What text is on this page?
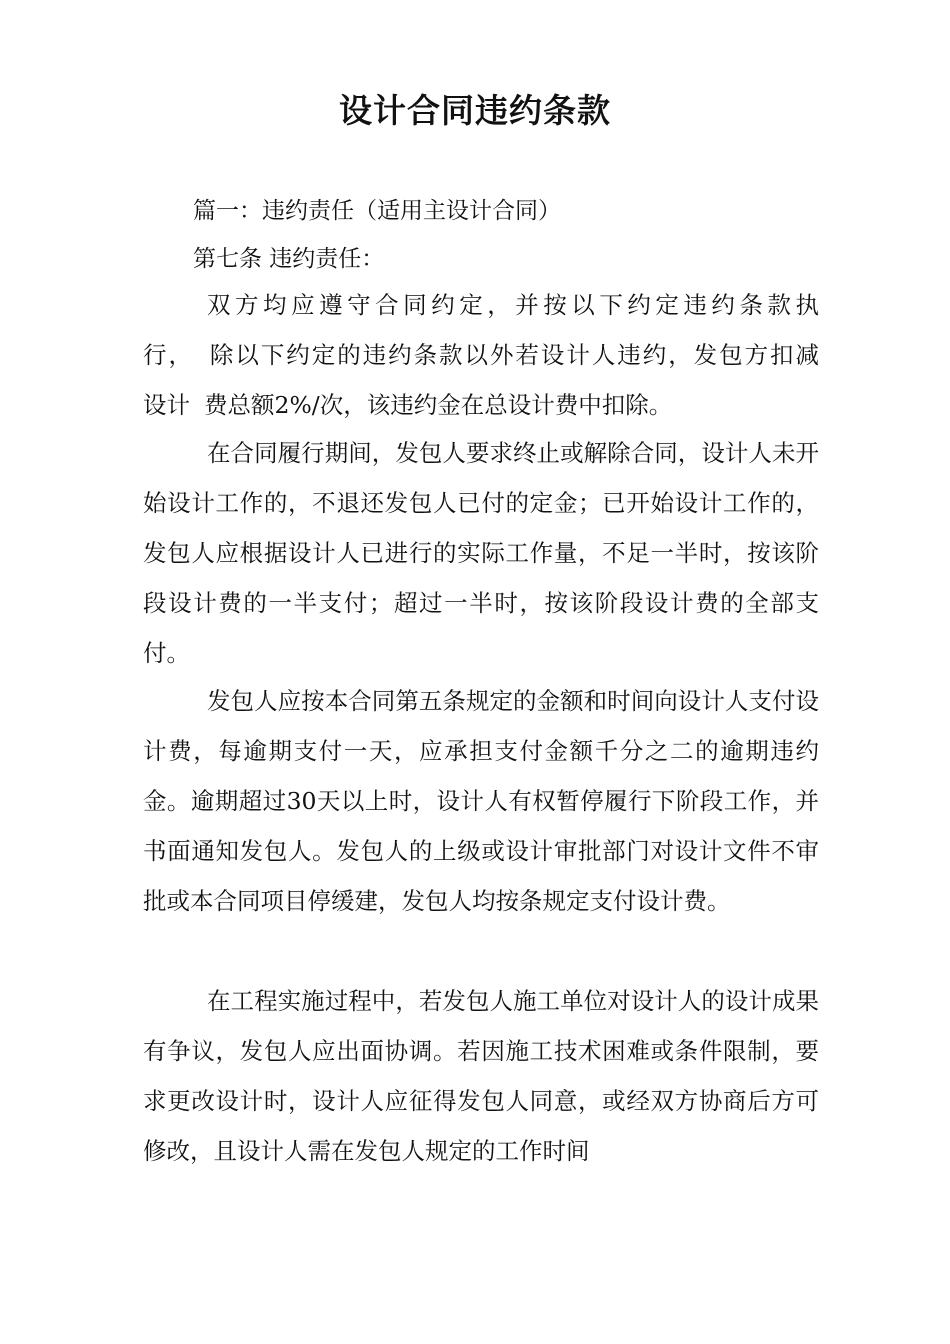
设计合同违约条款
篇一：违约责任（适用主设计合同）
第七条 违约责任：
双方均应遵守合同约定，并按以下约定违约条款执
行， 除以下约定的违约条款以外若设计人违约，发包方扣减
设计 费总额2%/次，该违约金在总设计费中扣除。
在合同履行期间，发包人要求终止或解除合同，设计人未开始设计工作的，不退还发包人已付的定金；已开始设计工作的，发包人应根据设计人已进行的实际工作量，不足一半时，按该阶段设计费的一半支付；超过一半时，按该阶段设计费的全部支付。
发包人应按本合同第五条规定的金额和时间向设计人支付设计费，每逾期支付一天，应承担支付金额千分之二的逾期违约金。逾期超过30天以上时，设计人有权暂停履行下阶段工作，并书面通知发包人。发包人的上级或设计审批部门对设计文件不审批或本合同项目停缓建，发包人均按条规定支付设计费。
在工程实施过程中，若发包人施工单位对设计人的设计成果有争议，发包人应出面协调。若因施工技术困难或条件限制，要求更改设计时，设计人应征得发包人同意，或经双方协商后方可修改，且设计人需在发包人规定的工作时间
